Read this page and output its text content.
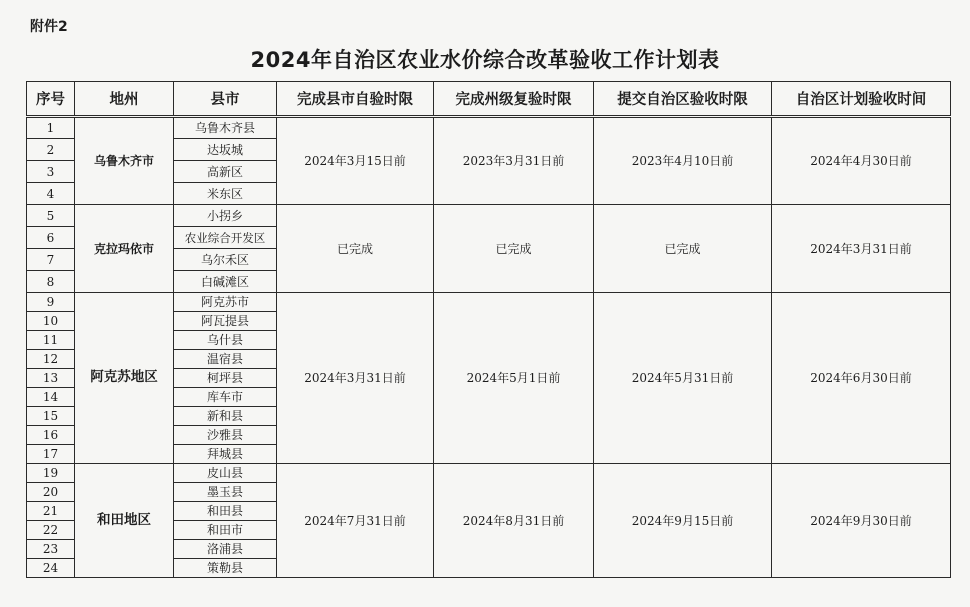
附件2
2024年自治区农业水价综合改革验收工作计划表
序号	地州	县市	完成县市自验时限	完成州级复验时限	提交自治区验收时限	自治区计划验收时间
1	乌鲁木齐市	乌鲁木齐县	2024年3月15日前	2023年3月31日前	2023年4月10日前	2024年4月30日前
2		达坂城				
3		高新区				
4		米东区				
5	克拉玛依市	小拐乡	已完成	已完成	已完成	2024年3月31日前
6		农业综合开发区				
7		乌尔禾区				
8		白碱滩区				
9	阿克苏地区	阿克苏市	2024年3月31日前	2024年5月1日前	2024年5月31日前	2024年6月30日前
10		阿瓦提县				
11		乌什县				
12		温宿县				
13		柯坪县				
14		库车市				
15		新和县				
16		沙雅县				
17		拜城县				
19	和田地区	皮山县	2024年7月31日前	2024年8月31日前	2024年9月15日前	2024年9月30日前
20		墨玉县				
21		和田县				
22		和田市				
23		洛浦县				
24		策勒县				
